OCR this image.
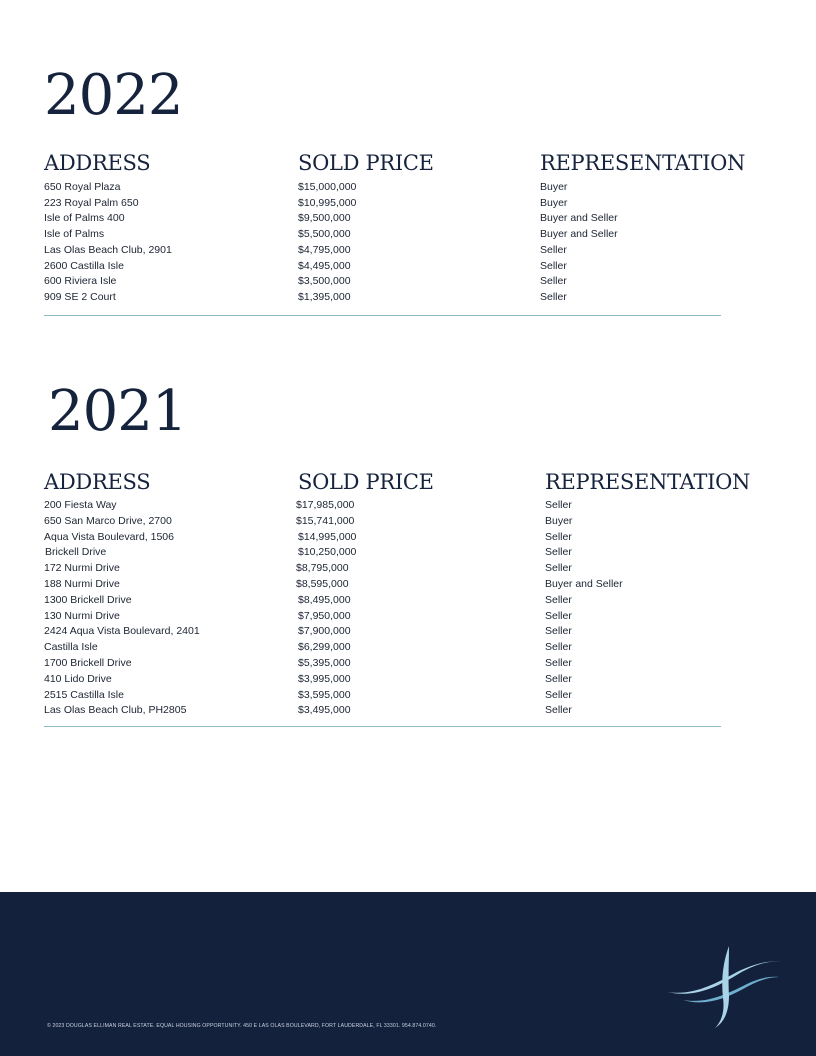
2022
ADDRESS	SOLD PRICE	REPRESENTATION
650 Royal Plaza	$15,000,000	Buyer
223 Royal Palm 650	$10,995,000	Buyer
Isle of Palms 400	$9,500,000	Buyer and Seller
Isle of Palms	$5,500,000	Buyer and Seller
Las Olas Beach Club, 2901	$4,795,000	Seller
2600 Castilla Isle	$4,495,000	Seller
600 Riviera Isle	$3,500,000	Seller
909 SE 2 Court	$1,395,000	Seller
2021
ADDRESS	SOLD PRICE	REPRESENTATION
200 Fiesta Way	$17,985,000	Seller
650 San Marco Drive, 2700	$15,741,000	Buyer
Aqua Vista Boulevard, 1506	$14,995,000	Seller
Brickell Drive	$10,250,000	Seller
172 Nurmi Drive	$8,795,000	Seller
188 Nurmi Drive	$8,595,000	Buyer and Seller
1300 Brickell Drive	$8,495,000	Seller
130 Nurmi Drive	$7,950,000	Seller
2424 Aqua Vista Boulevard, 2401	$7,900,000	Seller
Castilla Isle	$6,299,000	Seller
1700 Brickell Drive	$5,395,000	Seller
410 Lido Drive	$3,995,000	Seller
2515 Castilla Isle	$3,595,000	Seller
Las Olas Beach Club, PH2805	$3,495,000	Seller
© 2023 DOUGLAS ELLIMAN REAL ESTATE. EQUAL HOUSING OPPORTUNITY. 450 E LAS OLAS BOULEVARD, FORT LAUDERDALE, FL 33301. 954.874.0740.
